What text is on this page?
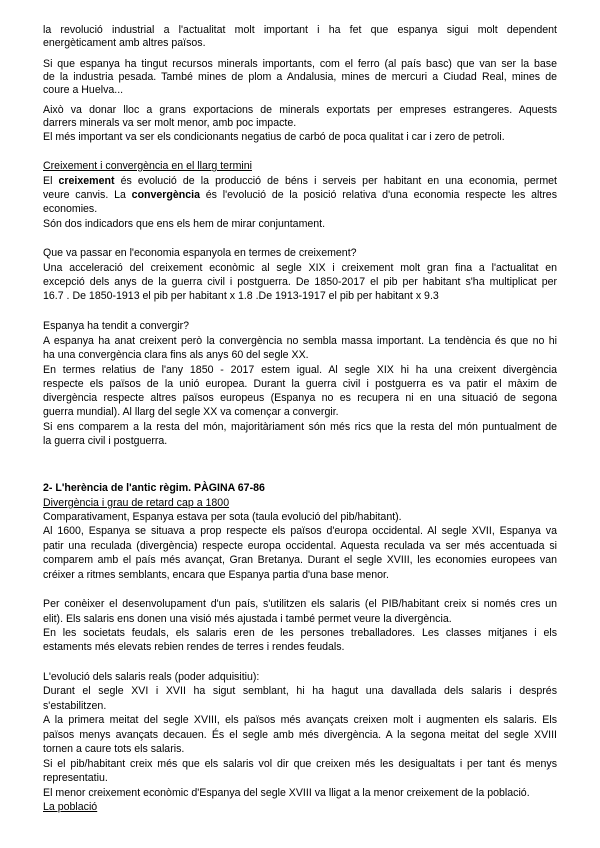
la revolució industrial a l'actualitat molt important i ha fet que espanya sigui molt dependent
energèticament amb altres països.
Si que espanya ha tingut recursos minerals importants, com el ferro (al país basc) que van ser la base
de la industria pesada. També mines de plom a Andalusia, mines de mercuri a Ciudad Real, mines de
coure a Huelva...
Això va donar lloc a grans exportacions de minerals exportats per empreses estrangeres. Aquests
darrers minerals va ser molt menor, amb poc impacte.
El més important va ser els condicionants negatius de carbó de poca qualitat i car i zero de petroli.
Creixement i convergència en el llarg termini
El creixement és evolució de la producció de béns i serveis per habitant en una economia, permet
veure canvis. La convergència és l'evolució de la posició relativa d'una economia respecte les altres
economies.
Són dos indicadors que ens els hem de mirar conjuntament.
Que va passar en l'economia espanyola en termes de creixement?
Una acceleració del creixement econòmic al segle XIX i creixement molt gran fina a l'actualitat en
excepció dels anys de la guerra civil i postguerra. De 1850-2017 el pib per habitant s'ha multiplicat per
16.7 . De 1850-1913 el pib per habitant x 1.8 .De 1913-1917 el pib per habitant x 9.3
Espanya ha tendit a convergir?
A espanya ha anat creixent però la convergència no sembla massa important. La tendència és que no hi
ha una convergència clara fins als anys 60 del segle XX.
En termes relatius de l'any 1850 - 2017 estem igual. Al segle XIX hi ha una creixent divergència
respecte els països de la unió europea. Durant la guerra civil i postguerra es va patir el màxim de
divergència respecte altres països europeus (Espanya no es recupera ni en una situació de segona
guerra mundial). Al llarg del segle XX va començar a convergir.
Si ens comparem a la resta del món, majoritàriament són més rics que la resta del món puntualment de
la guerra civil i postguerra.
2- L'herència de l'antic règim. PÀGINA 67-86
Divergència i grau de retard cap a 1800
Comparativament, Espanya estava per sota (taula evolució del pib/habitant).
Al 1600, Espanya se situava a prop respecte els països d'europa occidental. Al segle XVII, Espanya va
patir una reculada (divergència) respecte europa occidental. Aquesta reculada va ser més accentuada si
comparem amb el país més avançat, Gran Bretanya. Durant el segle XVIII, les economies europees van
créixer a ritmes semblants, encara que Espanya partia d'una base menor.
Per conèixer el desenvolupament d'un país, s'utilitzen els salaris (el PIB/habitant creix si només cres un
elit). Els salaris ens donen una visió més ajustada i també permet veure la divergència.
En les societats feudals, els salaris eren de les persones treballadores. Les classes mitjanes i els
estaments més elevats rebien rendes de terres i rendes feudals.
L'evolució dels salaris reals (poder adquisitiu):
Durant el segle XVI i XVII ha sigut semblant, hi ha hagut una davallada dels salaris i després
s'estabilitzen.
A la primera meitat del segle XVIII, els països més avançats creixen molt i augmenten els salaris. Els
països menys avançats decauen. És el segle amb més divergència. A la segona meitat del segle XVIII
tornen a caure tots els salaris.
Si el pib/habitant creix més que els salaris vol dir que creixen més les desigualtats i per tant és menys
representatiu.
El menor creixement econòmic d'Espanya del segle XVIII va lligat a la menor creixement de la població.
La població
